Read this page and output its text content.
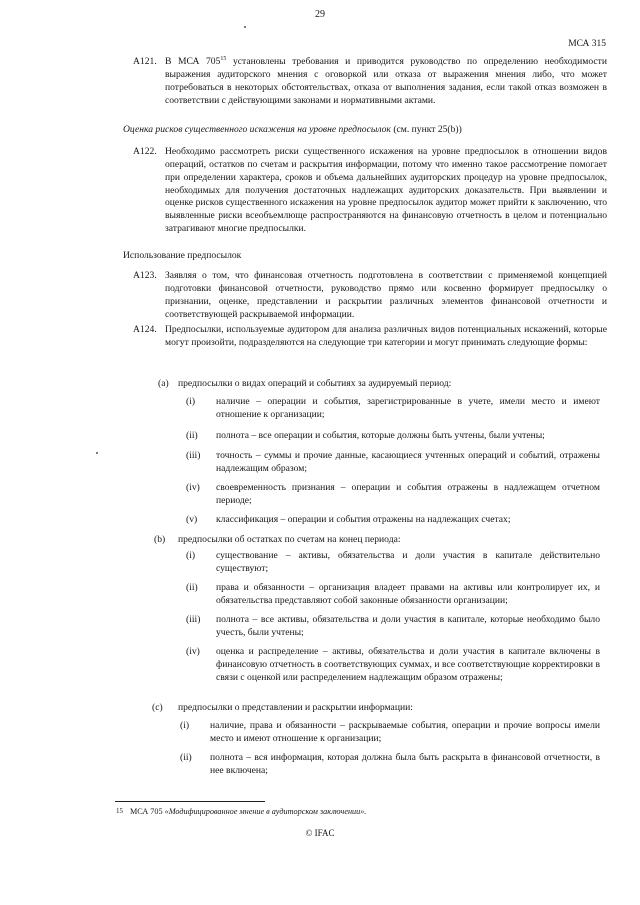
29
МСА 315
A121. В МСА $705^{15}$ установлены требования и приводится руководство по определению необходимости выражения аудиторского мнения с оговоркой или отказа от выражения мнения либо, что может потребоваться в некоторых обстоятельствах, отказа от выполнения задания, если такой отказ возможен в соответствии с действующими законами и нормативными актами.
Оценка рисков существенного искажения на уровне предпосылок (см. пункт 25(b))
A122. Необходимо рассмотреть риски существенного искажения на уровне предпосылок в отношении видов операций, остатков по счетам и раскрытия информации, потому что именно такое рассмотрение помогает при определении характера, сроков и объема дальнейших аудиторских процедур на уровне предпосылок, необходимых для получения достаточных надлежащих аудиторских доказательств. При выявлении и оценке рисков существенного искажения на уровне предпосылок аудитор может прийти к заключению, что выявленные риски всеобъемлюще распространяются на финансовую отчетность в целом и потенциально затрагивают многие предпосылки.
Использование предпосылок
A123. Заявляя о том, что финансовая отчетность подготовлена в соответствии с применяемой концепцией подготовки финансовой отчетности, руководство прямо или косвенно формирует предпосылку о признании, оценке, представлении и раскрытии различных элементов финансовой отчетности и соответствующей раскрываемой информации.
A124. Предпосылки, используемые аудитором для анализа различных видов потенциальных искажений, которые могут произойти, подразделяются на следующие три категории и могут принимать следующие формы:
(a) предпосылки о видах операций и событиях за аудируемый период:
(i) наличие – операции и события, зарегистрированные в учете, имели место и имеют отношение к организации;
(ii) полнота – все операции и события, которые должны быть учтены, были учтены;
(iii) точность – суммы и прочие данные, касающиеся учтенных операций и событий, отражены надлежащим образом;
(iv) своевременность признания – операции и события отражены в надлежащем отчетном периоде;
(v) классификация – операции и события отражены на надлежащих счетах;
(b) предпосылки об остатках по счетам на конец периода:
(i) существование – активы, обязательства и доли участия в капитале действительно существуют;
(ii) права и обязанности – организация владеет правами на активы или контролирует их, и обязательства представляют собой законные обязанности организации;
(iii) полнота – все активы, обязательства и доли участия в капитале, которые необходимо было учесть, были учтены;
(iv) оценка и распределение – активы, обязательства и доли участия в капитале включены в финансовую отчетность в соответствующих суммах, и все соответствующие корректировки в связи с оценкой или распределением надлежащим образом отражены;
(c) предпосылки о представлении и раскрытии информации:
(i) наличие, права и обязанности – раскрываемые события, операции и прочие вопросы имели место и имеют отношение к организации;
(ii) полнота – вся информация, которая должна была быть раскрыта в финансовой отчетности, в нее включена;
15 МСА 705 «Модифицированное мнение в аудиторском заключении».
© IFAC
